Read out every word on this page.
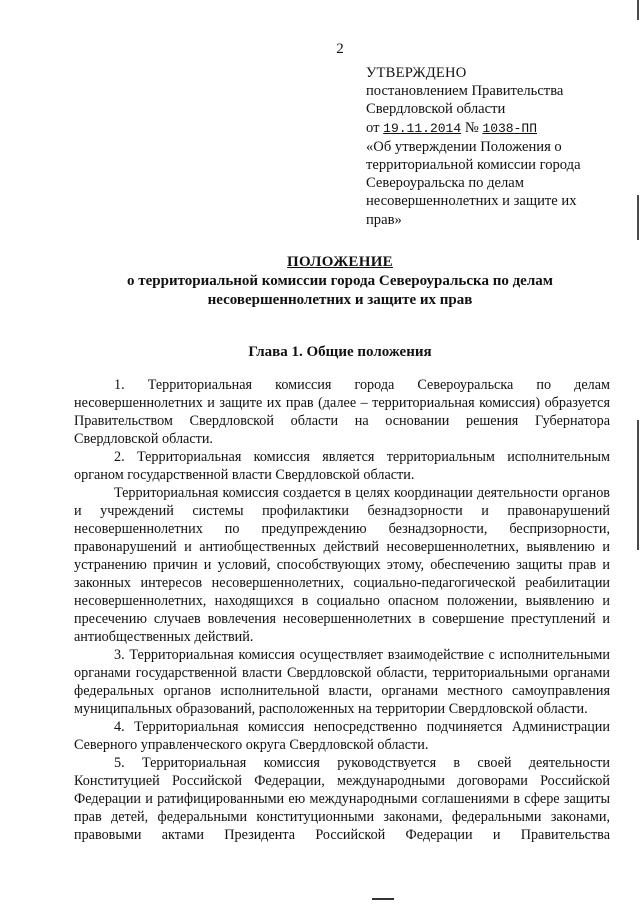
2
УТВЕРЖДЕНО
постановлением Правительства
Свердловской области
от 19.11.2014 № 1038-ПП
«Об утверждении Положения о территориальной комиссии города Североуральска по делам несовершеннолетних и защите их прав»
ПОЛОЖЕНИЕ
о территориальной комиссии города Североуральска по делам несовершеннолетних и защите их прав
Глава 1. Общие положения

1. Территориальная комиссия города Североуральска по делам несовершеннолетних и защите их прав (далее – территориальная комиссия) образуется Правительством Свердловской области на основании решения Губернатора Свердловской области.

2. Территориальная комиссия является территориальным исполнительным органом государственной власти Свердловской области.

Территориальная комиссия создается в целях координации деятельности органов и учреждений системы профилактики безнадзорности и правонарушений несовершеннолетних по предупреждению безнадзорности, беспризорности, правонарушений и антиобщественных действий несовершеннолетних, выявлению и устранению причин и условий, способствующих этому, обеспечению защиты прав и законных интересов несовершеннолетних, социально-педагогической реабилитации несовершеннолетних, находящихся в социально опасном положении, выявлению и пресечению случаев вовлечения несовершеннолетних в совершение преступлений и антиобщественных действий.

3. Территориальная комиссия осуществляет взаимодействие с исполнительными органами государственной власти Свердловской области, территориальными органами федеральных органов исполнительной власти, органами местного самоуправления муниципальных образований, расположенных на территории Свердловской области.

4. Территориальная комиссия непосредственно подчиняется Администрации Северного управленческого округа Свердловской области.

5. Территориальная комиссия руководствуется в своей деятельности Конституцией Российской Федерации, международными договорами Российской Федерации и ратифицированными ею международными соглашениями в сфере защиты прав детей, федеральными конституционными законами, федеральными законами, правовыми актами Президента Российской Федерации и Правительства
